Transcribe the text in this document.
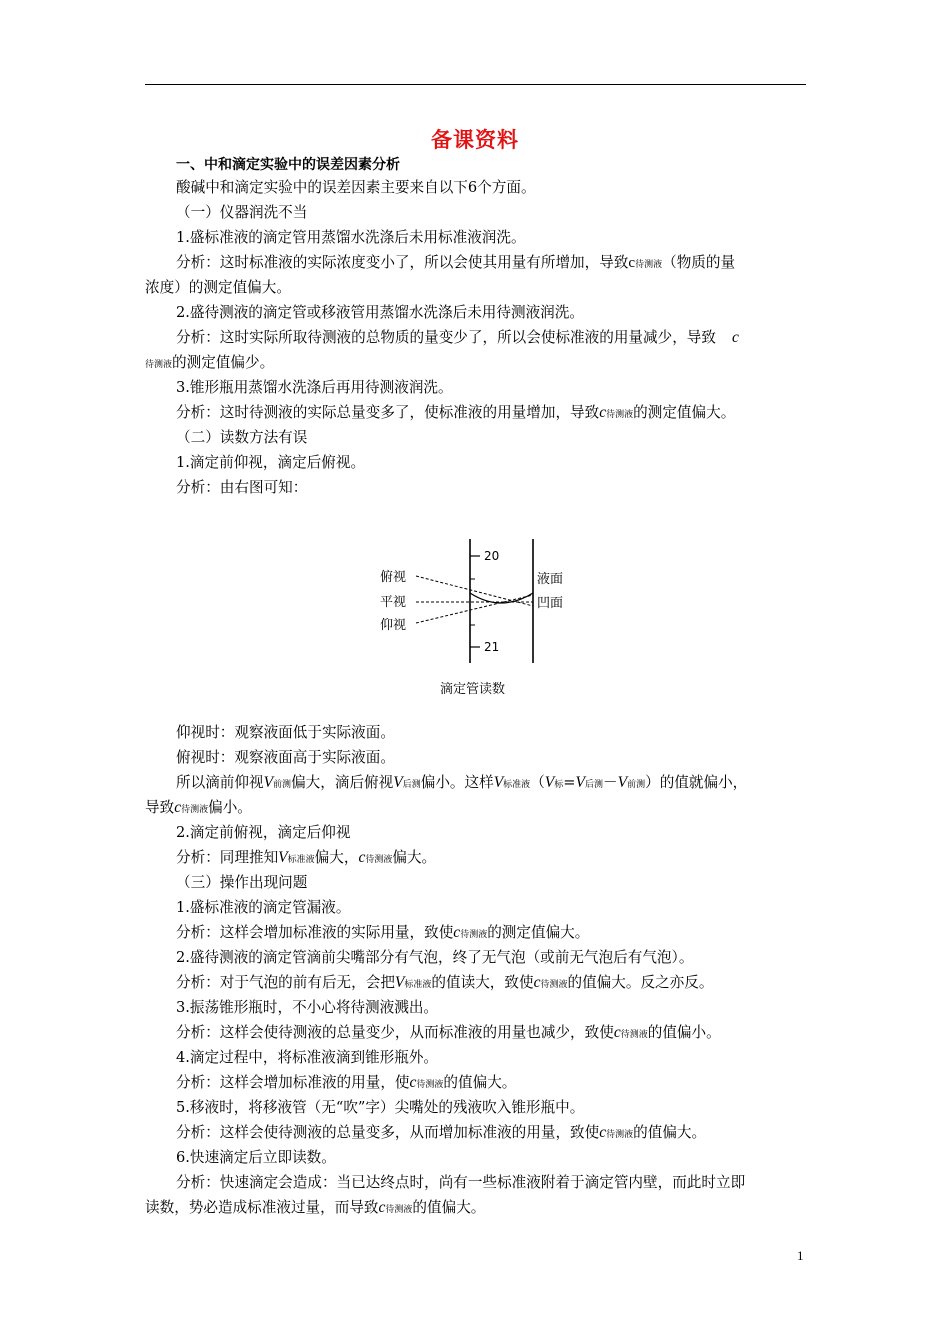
备课资料
一、中和滴定实验中的误差因素分析
酸碱中和滴定实验中的误差因素主要来自以下6个方面。
（一）仪器润洗不当
1.盛标准液的滴定管用蒸馏水洗涤后未用标准液润洗。
分析：这时标准液的实际浓度变小了，所以会使其用量有所增加，导致c待测液（物质的量
浓度）的测定值偏大。
2.盛待测液的滴定管或移液管用蒸馏水洗涤后未用待测液润洗。
分析：这时实际所取待测液的总物质的量变少了，所以会使标准液的用量减少，导致 c
待测液的测定值偏少。
3.锥形瓶用蒸馏水洗涤后再用待测液润洗。
分析：这时待测液的实际总量变多了，使标准液的用量增加，导致c待测液的测定值偏大。
（二）读数方法有误
1.滴定前仰视，滴定后俯视。
分析：由右图可知：
20
21
俯视
平视
仰视
液面
凹面
滴定管读数
仰视时：观察液面低于实际液面。
俯视时：观察液面高于实际液面。
所以滴前仰视V前测偏大，滴后俯视V后测偏小。这样V标准液（V标=V后测－V前测）的值就偏小，
导致c待测液偏小。
2.滴定前俯视，滴定后仰视
分析：同理推知V标准液偏大，c待测液偏大。
（三）操作出现问题
1.盛标准液的滴定管漏液。
分析：这样会增加标准液的实际用量，致使c待测液的测定值偏大。
2.盛待测液的滴定管滴前尖嘴部分有气泡，终了无气泡（或前无气泡后有气泡）。
分析：对于气泡的前有后无，会把V标准液的值读大，致使c待测液的值偏大。反之亦反。
3.振荡锥形瓶时，不小心将待测液溅出。
分析：这样会使待测液的总量变少，从而标准液的用量也减少，致使c待测液的值偏小。
4.滴定过程中，将标准液滴到锥形瓶外。
分析：这样会增加标准液的用量，使c待测液的值偏大。
5.移液时，将移液管（无“吹”字）尖嘴处的残液吹入锥形瓶中。
分析：这样会使待测液的总量变多，从而增加标准液的用量，致使c待测液的值偏大。
6.快速滴定后立即读数。
分析：快速滴定会造成：当已达终点时，尚有一些标准液附着于滴定管内壁，而此时立即
读数，势必造成标准液过量，而导致c待测液的值偏大。
1
